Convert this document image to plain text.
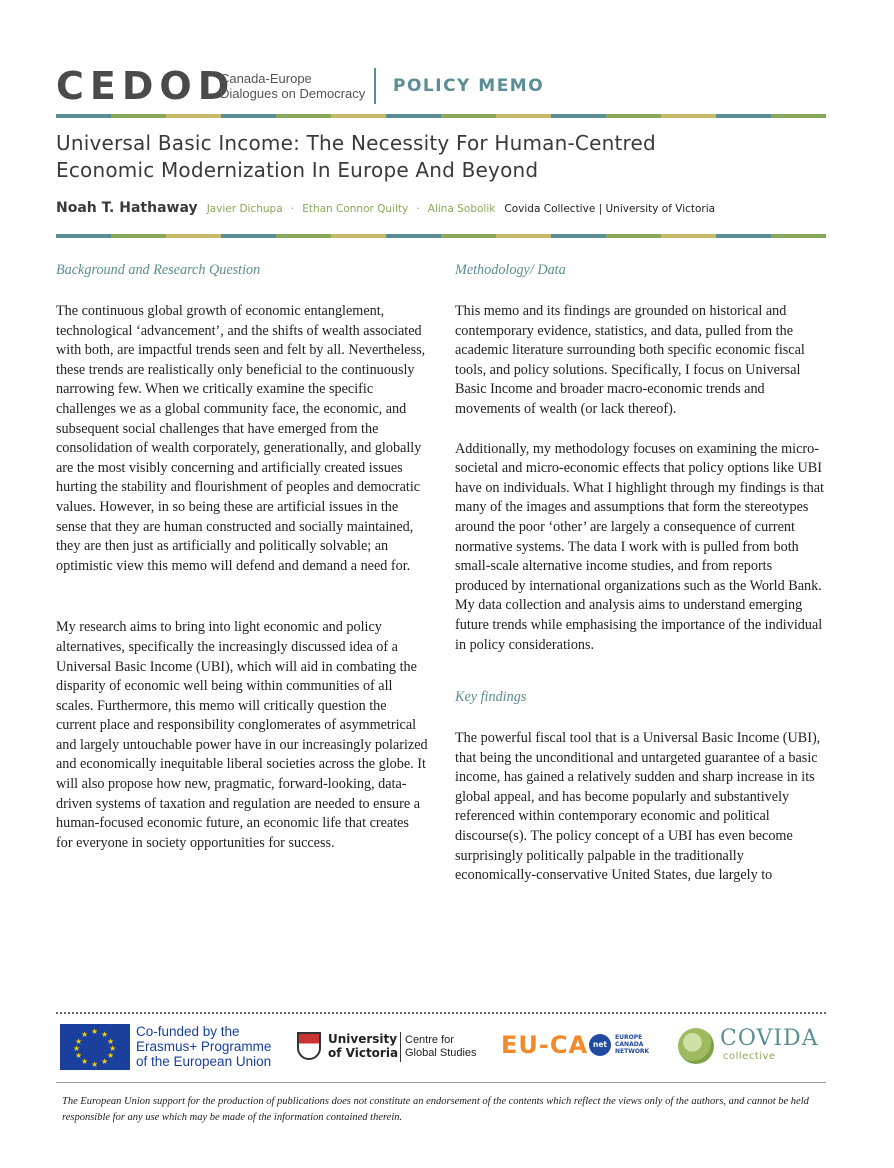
CEDOD
Canada-Europe
Dialogues on Democracy POLICY MEMO
Universal Basic Income: The Necessity For Human-Centred
Economic Modernization In Europe And Beyond
Noah T. Hathaway Javier Dichupa · Ethan Connor Quilty · Alina Sobolik Covida Collective | University of Victoria
Background and Research Question

The continuous global growth of economic entanglement, technological ‘advancement’, and the shifts of wealth associated with both, are impactful trends seen and felt by all. Nevertheless, these trends are realistically only beneficial to the continuously narrowing few. When we critically examine the specific challenges we as a global community face, the economic, and subsequent social challenges that have emerged from the consolidation of wealth corporately, generationally, and globally are the most visibly concerning and artificially created issues hurting the stability and flourishment of peoples and democratic values. However, in so being these are artificial issues in the sense that they are human constructed and socially maintained, they are then just as artificially and politically solvable; an optimistic view this memo will defend and demand a need for.

My research aims to bring into light economic and policy alternatives, specifically the increasingly discussed idea of a Universal Basic Income (UBI), which will aid in combating the disparity of economic well being within communities of all scales. Furthermore, this memo will critically question the current place and responsibility conglomerates of asymmetrical and largely untouchable power have in our increasingly polarized and economically inequitable liberal societies across the globe. It will also propose how new, pragmatic, forward-looking, data-driven systems of taxation and regulation are needed to ensure a human-focused economic future, an economic life that creates for everyone in society opportunities for success.

Methodology/ Data

This memo and its findings are grounded on historical and contemporary evidence, statistics, and data, pulled from the academic literature surrounding both specific economic fiscal tools, and policy solutions. Specifically, I focus on Universal Basic Income and broader macro-economic trends and movements of wealth (or lack thereof).

Additionally, my methodology focuses on examining the micro-societal and micro-economic effects that policy options like UBI have on individuals. What I highlight through my findings is that many of the images and assumptions that form the stereotypes around the poor ‘other’ are largely a consequence of current normative systems. The data I work with is pulled from both small-scale alternative income studies, and from reports produced by international organizations such as the World Bank. My data collection and analysis aims to understand emerging future trends while emphasising the importance of the individual in policy considerations.

Key findings

The powerful fiscal tool that is a Universal Basic Income (UBI), that being the unconditional and untargeted guarantee of a basic income, has gained a relatively sudden and sharp increase in its global appeal, and has become popularly and substantively referenced within contemporary economic and political discourse(s). The policy concept of a UBI has even become surprisingly politically palpable in the traditionally economically-conservative United States, due largely to

★ ★
★
★
★
★
★
★
★
★
★
★	Co-funded by the
Erasmus+ Programme
of the European Union
University
of Victoria
Centre for
Global Studies EU-CA net
EUROPE
CANADA
NETWORK
COVIDA
collective
The European Union support for the production of publications does not constitute an endorsement of the contents which reflect the views only of the authors, and cannot be held responsible for any use which may be made of the information contained therein.
